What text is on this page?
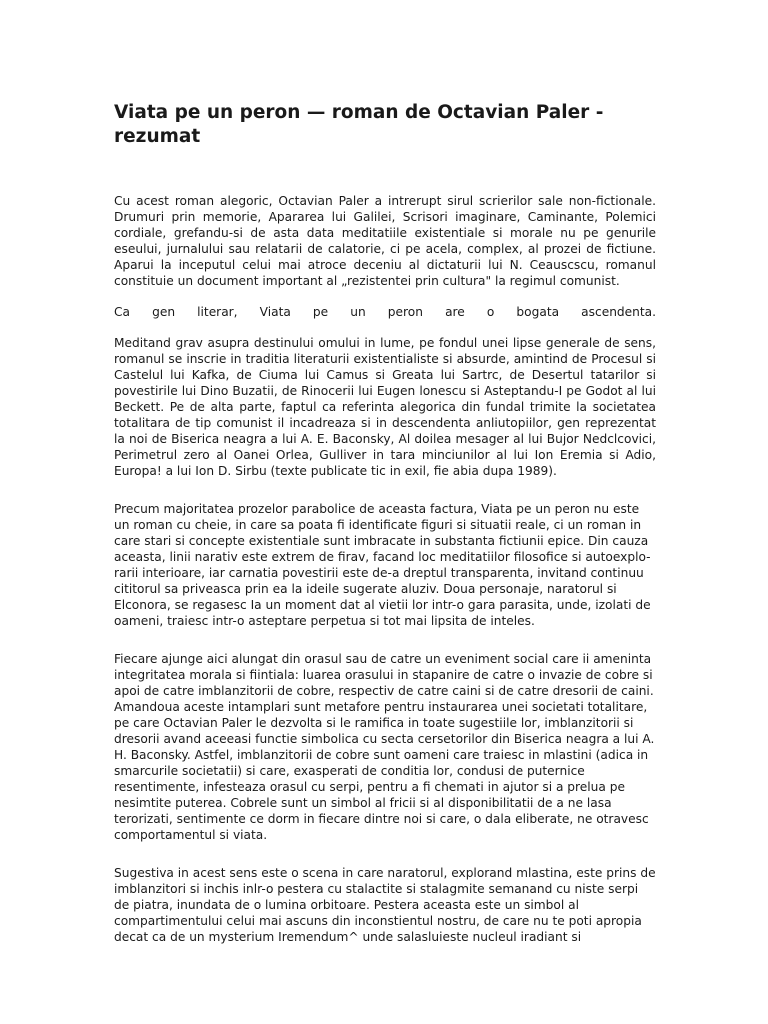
Viata pe un peron — roman de Octavian Paler - rezumat

Cu acest roman alegoric, Octavian Paler a intrerupt sirul scrierilor sale non-fictionale. Drumuri prin memorie, Apararea lui Galilei, Scrisori imaginare, Caminante, Polemici cordiale, grefandu-si de asta data meditatiile existentiale si morale nu pe genurile eseului, jurnalului sau relatarii de calatorie, ci pe acela, complex, al prozei de fictiune. Aparui la inceputul celui mai atroce deceniu al dictaturii lui N. Ceauscscu, romanul constituie un document important al „rezistentei prin cultura" la regimul comunist.

Ca gen literar, Viata pe un peron are o bogata ascendenta.

Meditand grav asupra destinului omului in lume, pe fondul unei lipse generale de sens, romanul se inscrie in traditia literaturii existentialiste si absurde, amintind de Procesul si Castelul lui Kafka, de Ciuma lui Camus si Greata lui Sartrc, de Desertul tatarilor si povestirile lui Dino Buzatii, de Rinocerii lui Eugen lonescu si Asteptandu-I pe Godot al lui Beckett. Pe de alta parte, faptul ca referinta alegorica din fundal trimite la societatea totalitara de tip comunist il incadreaza si in descendenta anliutopiilor, gen reprezentat la noi de Biserica neagra a lui A. E. Baconsky, Al doilea mesager al lui Bujor Nedclcovici, Perimetrul zero al Oanei Orlea, Gulliver in tara minciunilor al lui Ion Eremia si Adio, Europa! a lui Ion D. Sirbu (texte publicate tic in exil, fie abia dupa 1989).

Precum majoritatea prozelor parabolice de aceasta factura, Viata pe un peron nu este un roman cu cheie, in care sa poata fi identificate figuri si situatii reale, ci un roman in care stari si concepte existentiale sunt imbracate in substanta fictiunii epice. Din cauza aceasta, linii narativ este extrem de firav, facand loc meditatiilor filosofice si autoexplo-rarii interioare, iar carnatia povestirii este de-a dreptul transparenta, invitand continuu cititorul sa priveasca prin ea la ideile sugerate aluziv. Doua personaje, naratorul si Elconora, se regasesc Ia un moment dat al vietii lor intr-o gara parasita, unde, izolati de oameni, traiesc intr-o asteptare perpetua si tot mai lipsita de inteles.

Fiecare ajunge aici alungat din orasul sau de catre un eveniment social care ii ameninta integritatea morala si fiintiala: luarea orasului in stapanire de catre o invazie de cobre si apoi de catre imblanzitorii de cobre, respectiv de catre caini si de catre dresorii de caini. Amandoua aceste intamplari sunt metafore pentru instaurarea unei societati totalitare, pe care Octavian Paler le dezvolta si le ramifica in toate sugestiile lor, imblanzitorii si dresorii avand aceeasi functie simbolica cu secta cersetorilor din Biserica neagra a lui A. H. Baconsky. Astfel, imblanzitorii de cobre sunt oameni care traiesc in mlastini (adica in smarcurile societatii) si care, exasperati de conditia lor, condusi de puternice resentimente, infesteaza orasul cu serpi, pentru a fi chemati in ajutor si a prelua pe nesimtite puterea. Cobrele sunt un simbol al fricii si al disponibilitatii de a ne lasa terorizati, sentimente ce dorm in fiecare dintre noi si care, o dala eliberate, ne otravesc comportamentul si viata.

Sugestiva in acest sens este o scena in care naratorul, explorand mlastina, este prins de imblanzitori si inchis inlr-o pestera cu stalactite si stalagmite semanand cu niste serpi de piatra, inundata de o lumina orbitoare. Pestera aceasta este un simbol al compartimentului celui mai ascuns din inconstientul nostru, de care nu te poti apropia decat ca de un mysterium Iremendum^ unde salasluieste nucleul iradiant si
